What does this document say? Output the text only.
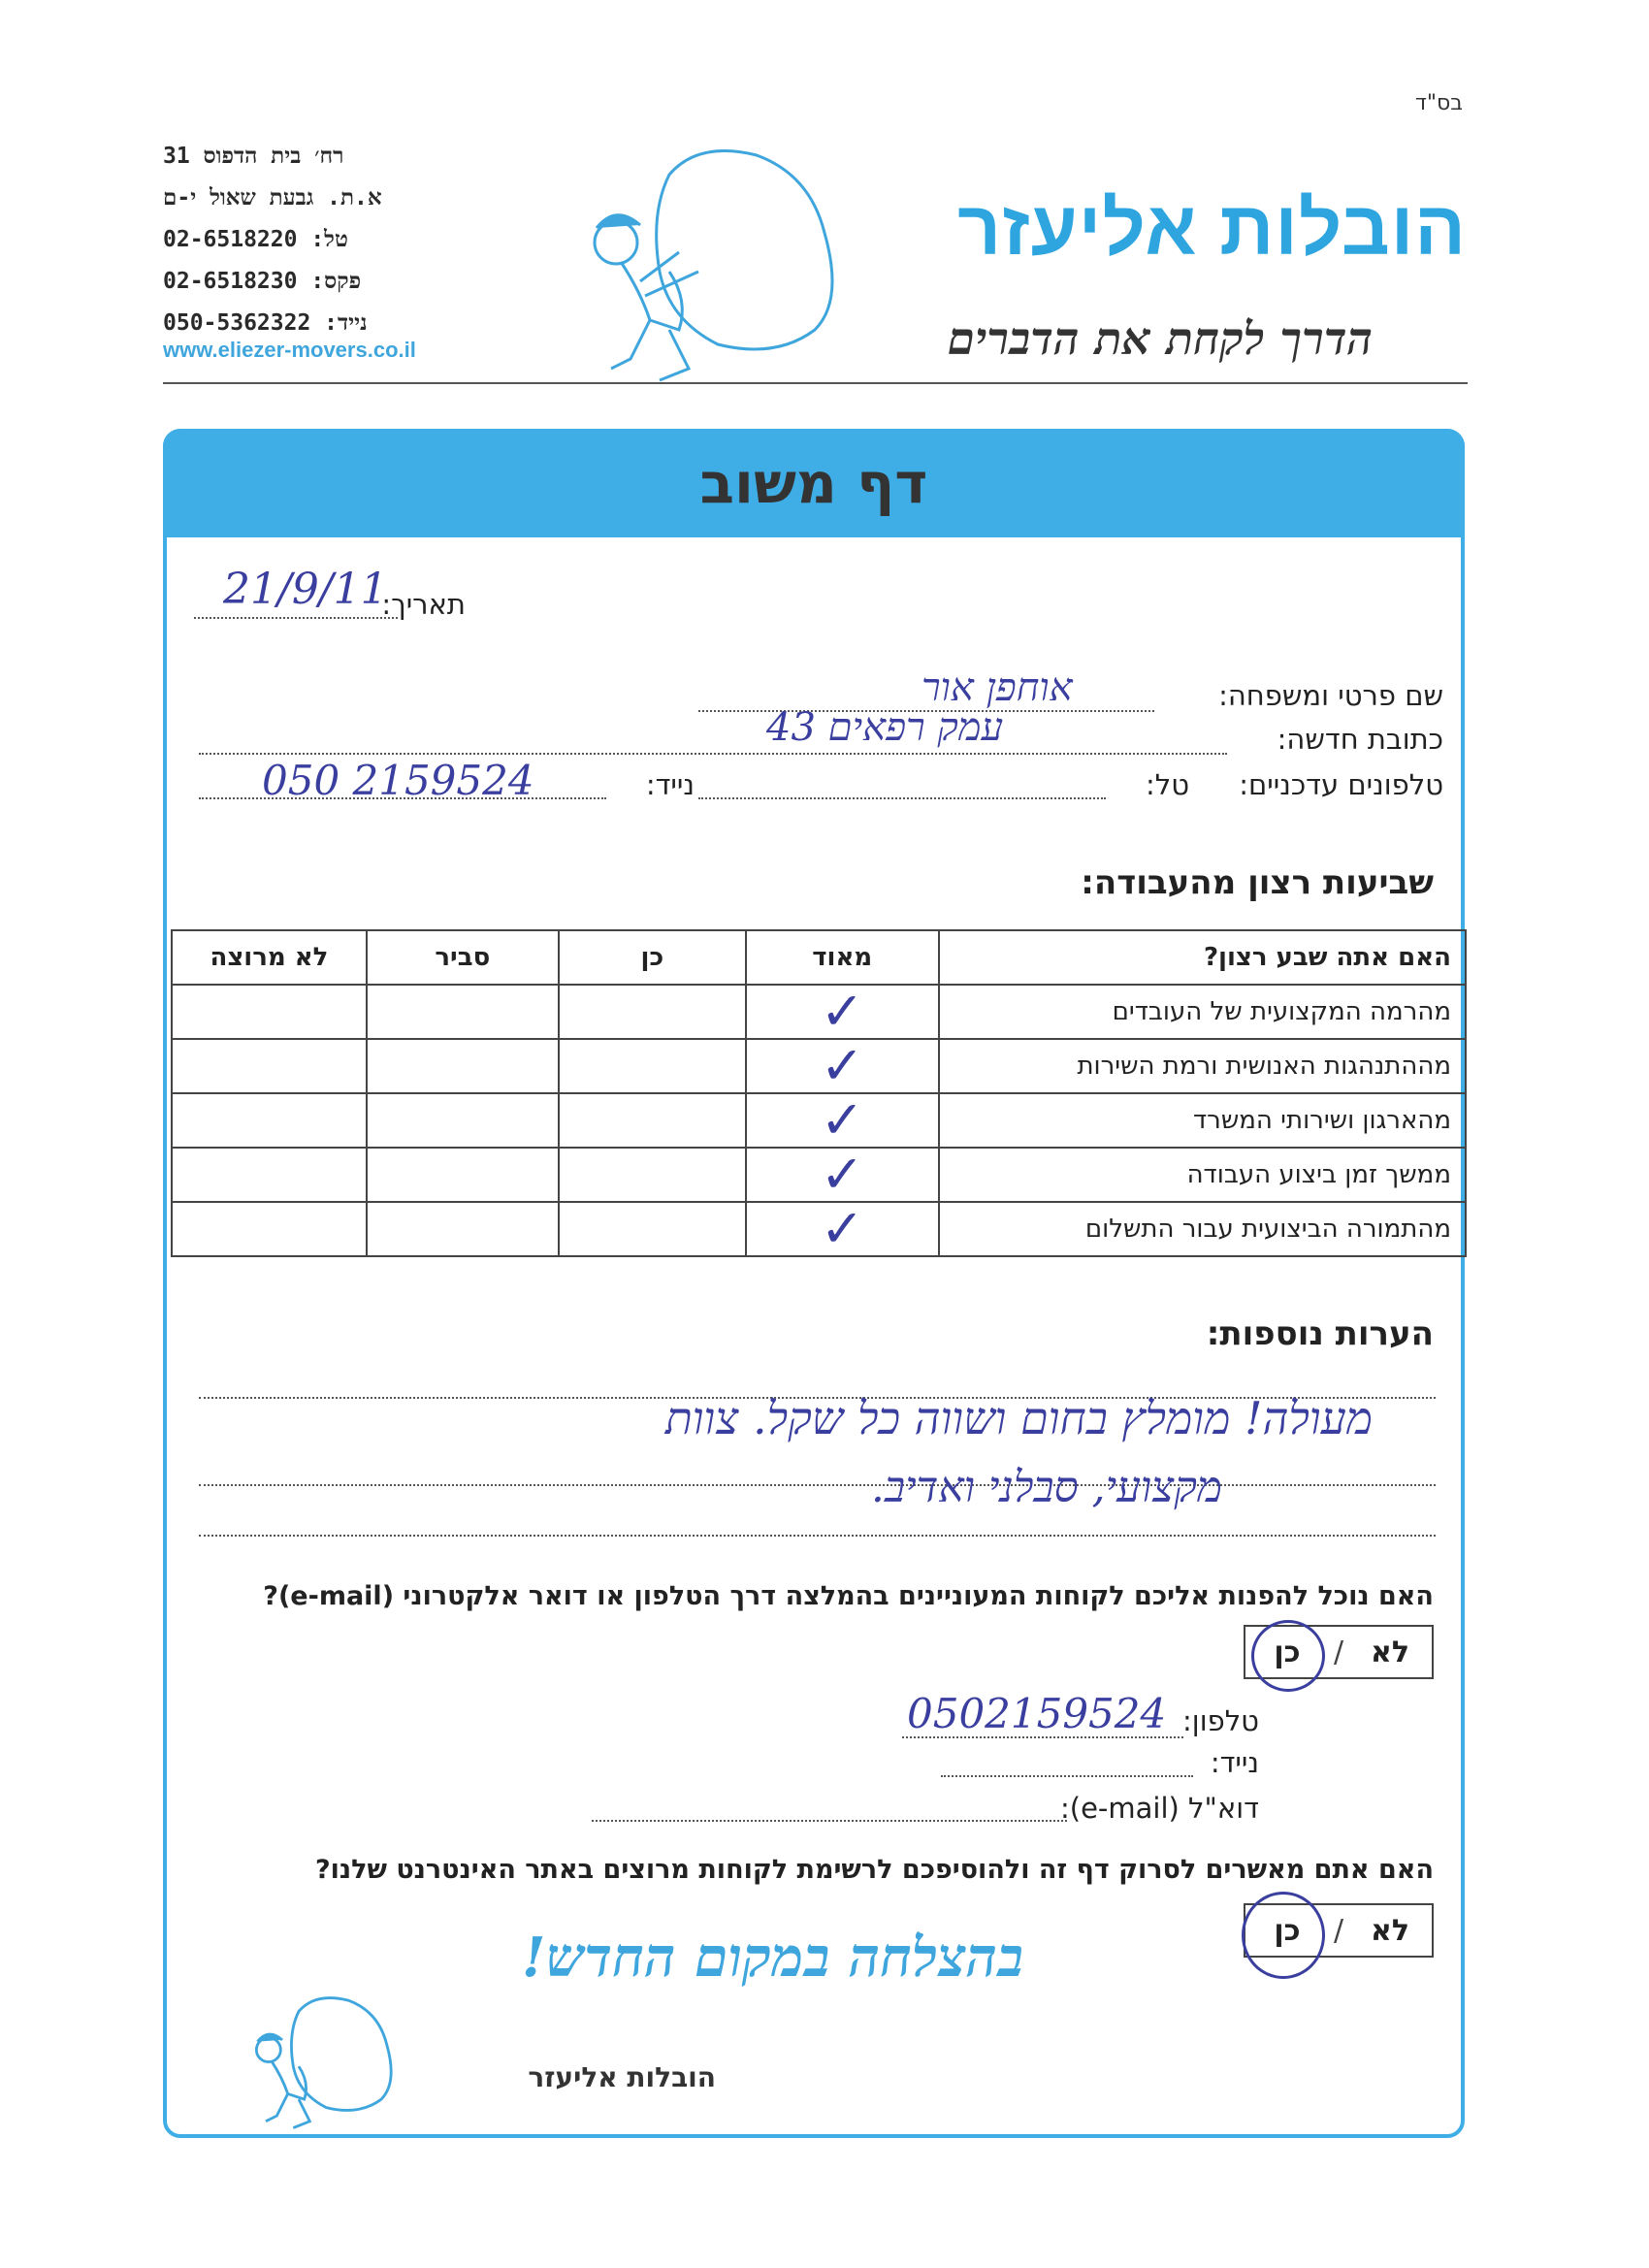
בס"ד
רח׳ בית הדפוס 31
א.ת. גבעת שאול י-ם
טל: 02-6518220
פקס: 02-6518230
נייד: 050-5362322
www.eliezer-movers.co.il
הובלות אליעזר
הדרך לקחת את הדברים
דף משוב
תאריך:
21/9/11
שם פרטי ומשפחה:
אוחפן אור
כתובת חדשה:
עמק רפאים 43
טלפונים עדכניים:
טל:
נייד:
050 2159524
שביעות רצון מהעבודה:
האם אתה שבע רצון?	מאוד	כן	סביר	לא מרוצה
מהרמה המקצועית של העובדים	✓			
מההתנהגות האנושית ורמת השירות	✓			
מהארגון ושירותי המשרד	✓			
ממשך זמן ביצוע העבודה	✓			
מהתמורה הביצועית עבור התשלום	✓			
הערות נוספות:
מעולה! מומלץ בחום ושווה כל שקל. צוות
מקצועי, סבלני ואדיב.
האם נוכל להפנות אליכם לקוחות המעוניינים בהמלצה דרך הטלפון או דואר אלקטרוני (e-mail)?
לא
/
כן
טלפון:
0502159524
נייד:
דוא"ל (e-mail):
האם אתם מאשרים לסרוק דף זה ולהוסיפכם לרשימת לקוחות מרוצים באתר האינטרנט שלנו?
לא
/
כן
בהצלחה במקום החדש!
הובלות אליעזר
